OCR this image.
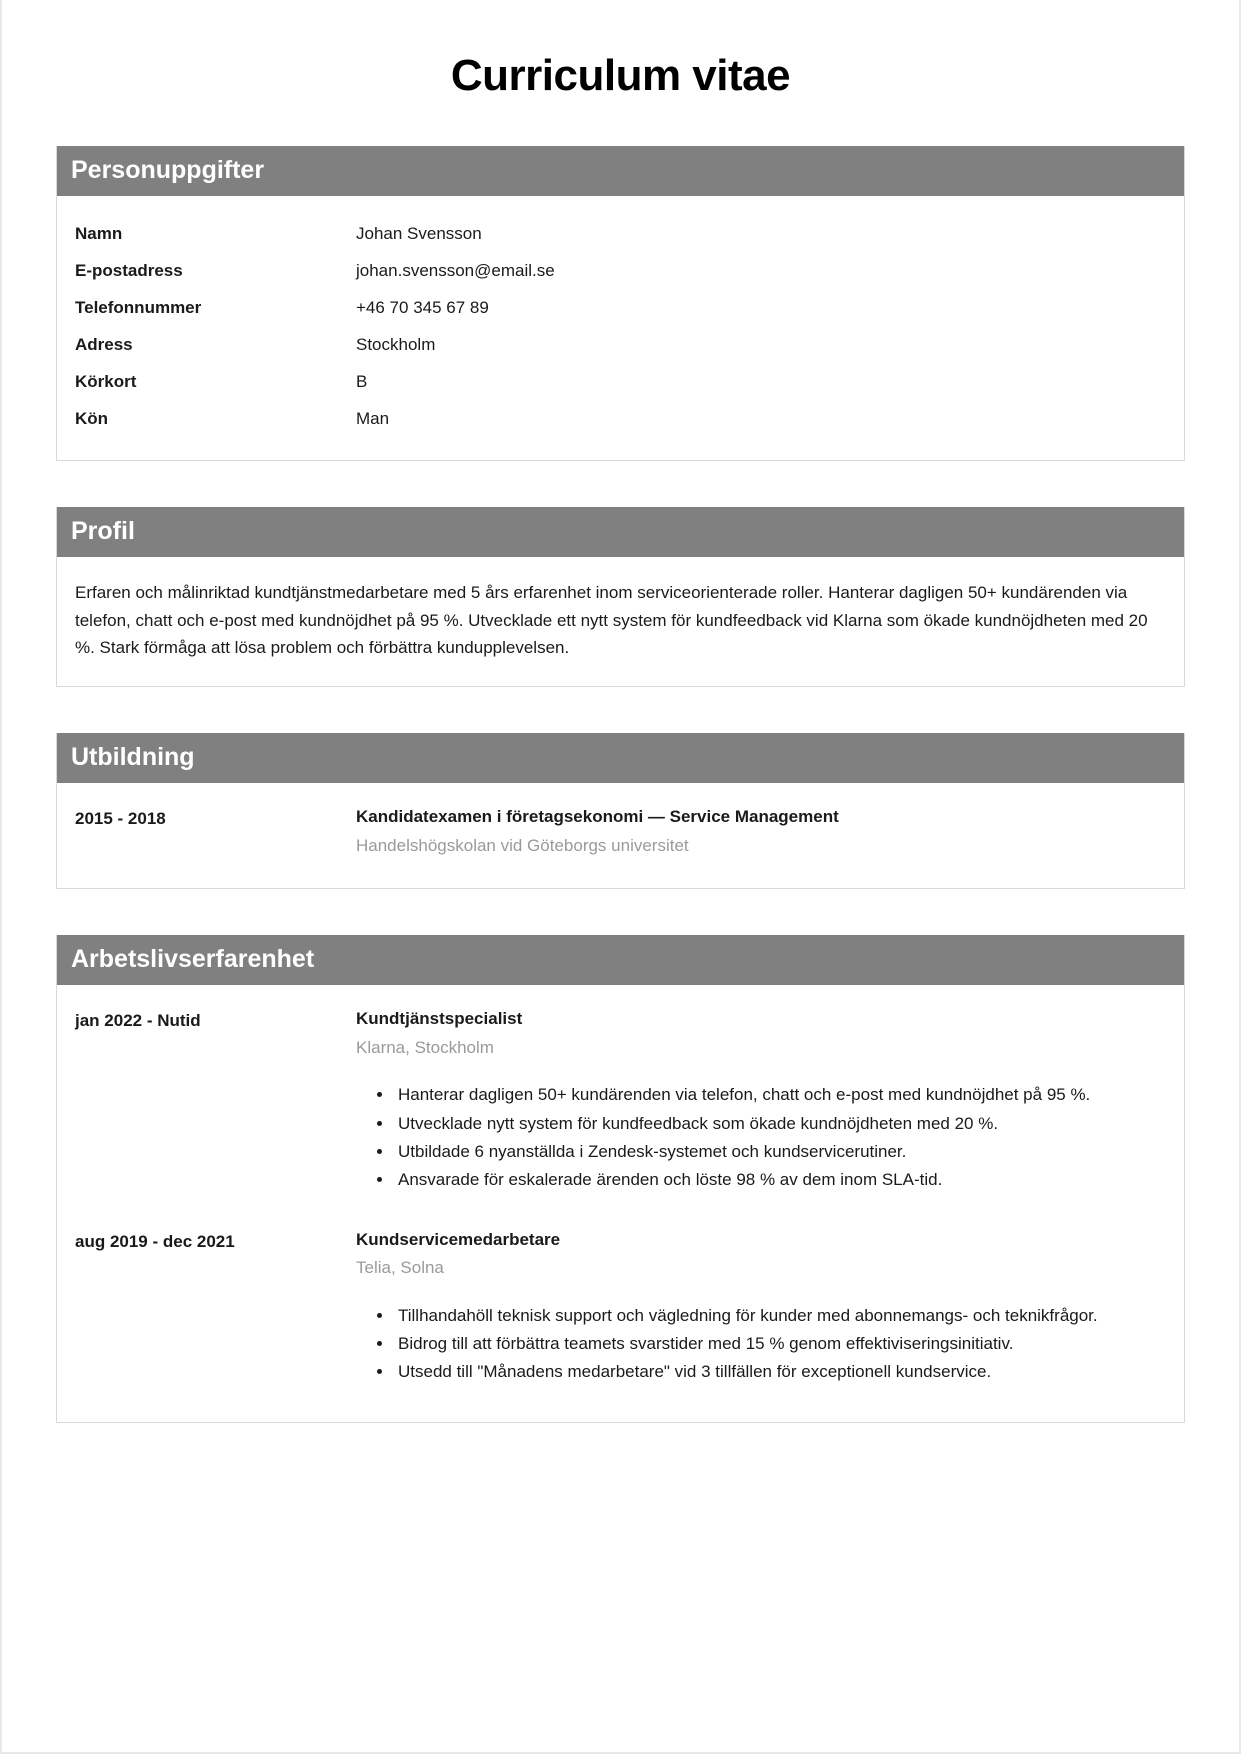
Curriculum vitae
Personuppgifter
Namn	Johan Svensson
E-postadress	johan.svensson@email.se
Telefonnummer	+46 70 345 67 89
Adress	Stockholm
Körkort	B
Kön	Man
Profil

Erfaren och målinriktad kundtjänstmedarbetare med 5 års erfarenhet inom serviceorienterade roller. Hanterar dagligen 50+ kundärenden via telefon, chatt och e-post med kundnöjdhet på 95 %. Utvecklade ett nytt system för kundfeedback vid Klarna som ökade kundnöjdheten med 20 %. Stark förmåga att lösa problem och förbättra kundupplevelsen.

Utbildning
2015 - 2018	Kandidatexamen i företagsekonomi — Service Management
Handelshögskolan vid Göteborgs universitet
Arbetslivserfarenhet
jan 2022 - Nutid	Kundtjänstspecialist
Klarna, Stockholm
• Hanterar dagligen 50+ kundärenden via telefon, chatt och e-post med kundnöjdhet på 95 %.
• Utvecklade nytt system för kundfeedback som ökade kundnöjdheten med 20 %.
• Utbildade 6 nyanställda i Zendesk-systemet och kundservicerutiner.
• Ansvarade för eskalerade ärenden och löste 98 % av dem inom SLA-tid.
aug 2019 - dec 2021	Kundservicemedarbetare
Telia, Solna
• Tillhandahöll teknisk support och vägledning för kunder med abonnemangs- och teknikfrågor.
• Bidrog till att förbättra teamets svarstider med 15 % genom effektiviseringsinitiativ.
• Utsedd till "Månadens medarbetare" vid 3 tillfällen för exceptionell kundservice.
